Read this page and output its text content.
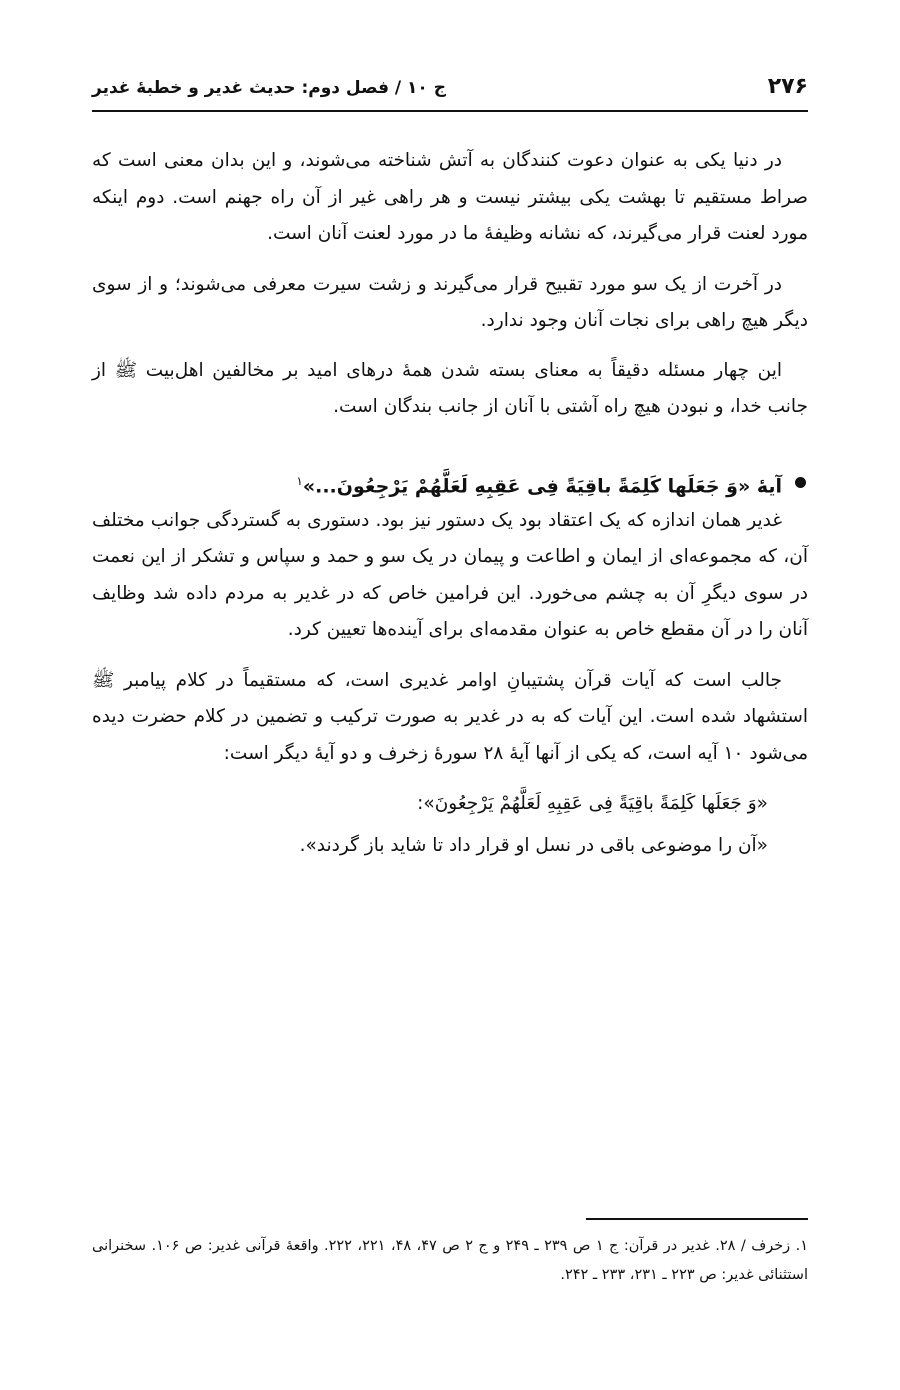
۲۷۶
ج ۱۰ / فصل دوم: حدیث غدیر و خطبهٔ غدیر

در دنیا یکی به عنوان دعوت کنندگان به آتش شناخته می‌شوند، و این بدان معنی است که صراط مستقیم تا بهشت یکی بیشتر نیست و هر راهی غیر از آن راه جهنم است. دوم اینکه مورد لعنت قرار می‌گیرند، که نشانه وظیفهٔ ما در مورد لعنت آنان است.

در آخرت از یک سو مورد تقبیح قرار می‌گیرند و زشت سیرت معرفی می‌شوند؛ و از سوی دیگر هیچ راهی برای نجات آنان وجود ندارد.

این چهار مسئله دقیقاً به معنای بسته شدن همهٔ درهای امید بر مخالفین اهل‌بیت ﷺ از جانب خدا، و نبودن هیچ راه آشتی با آنان از جانب بندگان است.

آیهٔ «وَ جَعَلَها کَلِمَةً باقِیَةً فِی عَقِبِهِ لَعَلَّهُمْ یَرْجِعُونَ...»$^۱$

غدیر همان اندازه که یک اعتقاد بود یک دستور نیز بود. دستوری به گستردگی جوانب مختلف آن، که مجموعه‌ای از ایمان و اطاعت و پیمان در یک سو و حمد و سپاس و تشکر از این نعمت در سوی دیگرِ آن به چشم می‌خورد. این فرامین خاص که در غدیر به مردم داده شد وظایف آنان را در آن مقطع خاص به عنوان مقدمه‌ای برای آینده‌ها تعیین کرد.

جالب است که آیات قرآن پشتیبانِ اوامر غدیری است، که مستقیماً در کلام پیامبر ﷺ استشهاد شده است. این آیات که به در غدیر به صورت ترکیب و تضمین در کلام حضرت دیده می‌شود ۱۰ آیه است، که یکی از آنها آیهٔ ۲۸ سورهٔ زخرف و دو آیهٔ دیگر است:

«وَ جَعَلَها کَلِمَةً باقِیَةً فِی عَقِبِهِ لَعَلَّهُمْ یَرْجِعُونَ»:

«آن را موضوعی باقی در نسل او قرار داد تا شاید باز گردند».

۱. زخرف / ۲۸. غدیر در قرآن: ج ۱ ص ۲۳۹ ـ ۲۴۹ و ج ۲ ص ۴۷، ۴۸، ۲۲۱، ۲۲۲. واقعهٔ قرآنی غدیر: ص ۱۰۶. سخنرانی استثنائی غدیر: ص ۲۲۳ ـ ۲۳۱، ۲۳۳ ـ ۲۴۲.
